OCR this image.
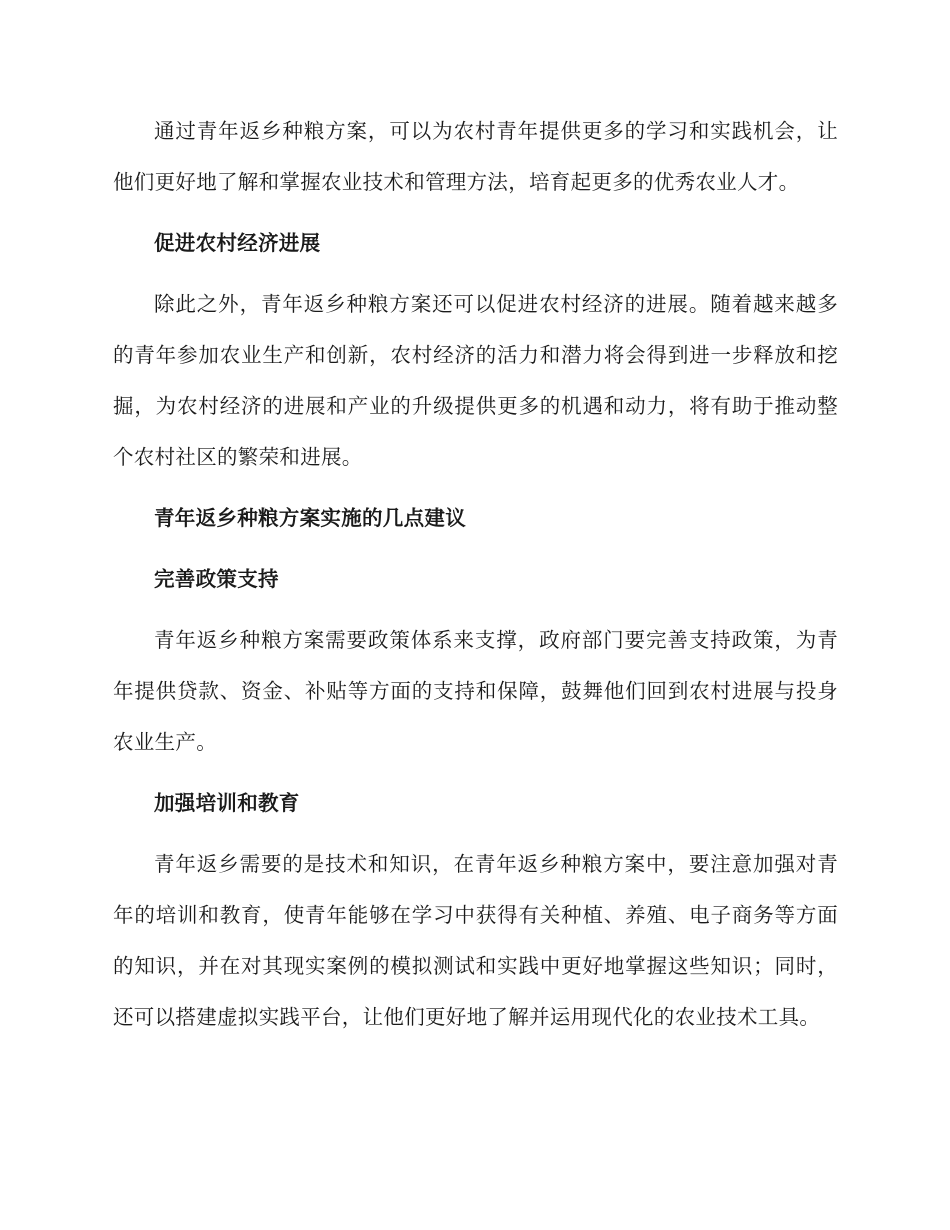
通过青年返乡种粮方案，可以为农村青年提供更多的学习和实践机会，让他们更好地了解和掌握农业技术和管理方法，培育起更多的优秀农业人才。

促进农村经济进展

除此之外，青年返乡种粮方案还可以促进农村经济的进展。随着越来越多的青年参加农业生产和创新，农村经济的活力和潜力将会得到进一步释放和挖掘，为农村经济的进展和产业的升级提供更多的机遇和动力，将有助于推动整个农村社区的繁荣和进展。

青年返乡种粮方案实施的几点建议

完善政策支持

青年返乡种粮方案需要政策体系来支撑，政府部门要完善支持政策，为青年提供贷款、资金、补贴等方面的支持和保障，鼓舞他们回到农村进展与投身农业生产。

加强培训和教育

青年返乡需要的是技术和知识，在青年返乡种粮方案中，要注意加强对青年的培训和教育，使青年能够在学习中获得有关种植、养殖、电子商务等方面的知识，并在对其现实案例的模拟测试和实践中更好地掌握这些知识；同时，还可以搭建虚拟实践平台，让他们更好地了解并运用现代化的农业技术工具。
